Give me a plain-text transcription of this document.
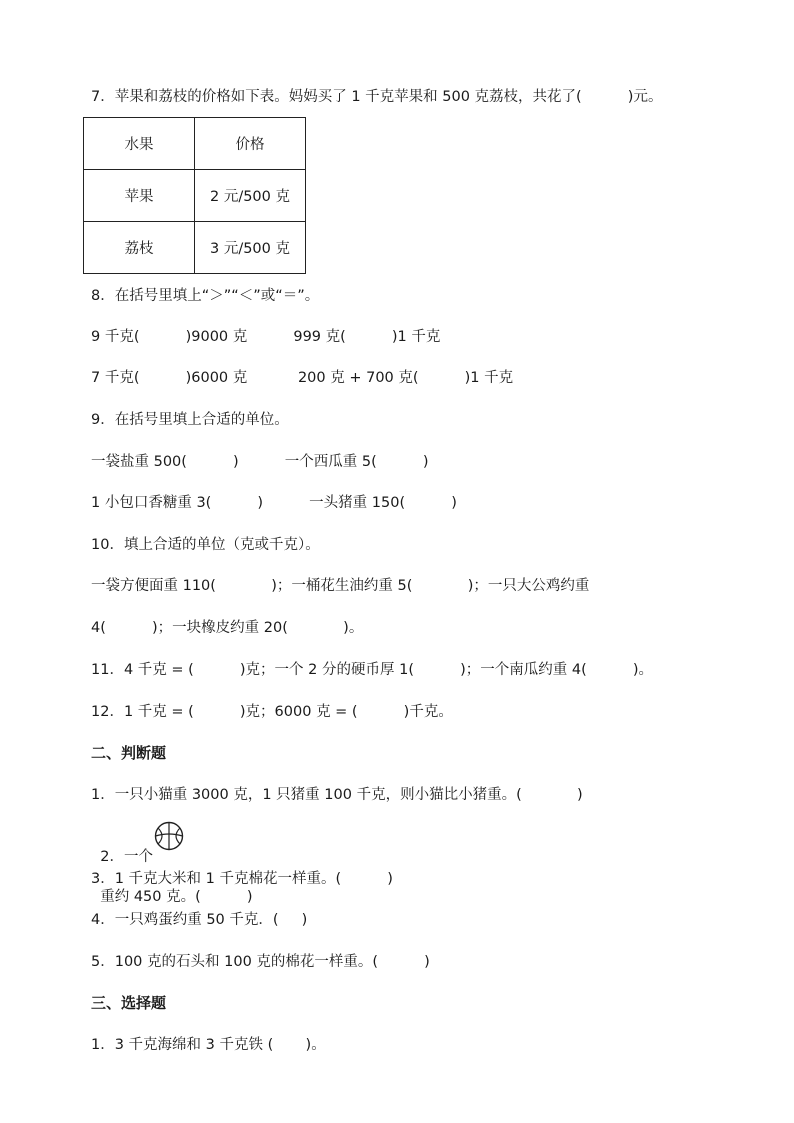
7．苹果和荔枝的价格如下表。妈妈买了 1 千克苹果和 500 克荔枝，共花了(          )元。
水果	价格
苹果	2 元/500 克
荔枝	3 元/500 克
8．在括号里填上“＞”“＜”或“＝”。
9 千克(          )9000 克          999 克(          )1 千克
7 千克(          )6000 克           200 克 + 700 克(          )1 千克
9．在括号里填上合适的单位。
一袋盐重 500(          )          一个西瓜重 5(          )
1 小包口香糖重 3(          )          一头猪重 150(          )
10．填上合适的单位（克或千克）。
一袋方便面重 110(            )；一桶花生油约重 5(            )；一只大公鸡约重
4(          )；一块橡皮约重 20(            )。
11．4 千克 = (          )克；一个 2 分的硬币厚 1(          )；一个南瓜约重 4(          )。
12．1 千克 = (          )克；6000 克 = (          )千克。
二、判断题
1．一只小猫重 3000 克，1 只猪重 100 千克，则小猫比小猪重。(            )

2．一个

重约 450 克。(          )

3．1 千克大米和 1 千克棉花一样重。(          )
4．一只鸡蛋约重 50 千克．(     )
5．100 克的石头和 100 克的棉花一样重。(          )
三、选择题
1．3 千克海绵和 3 千克铁 (       )。
